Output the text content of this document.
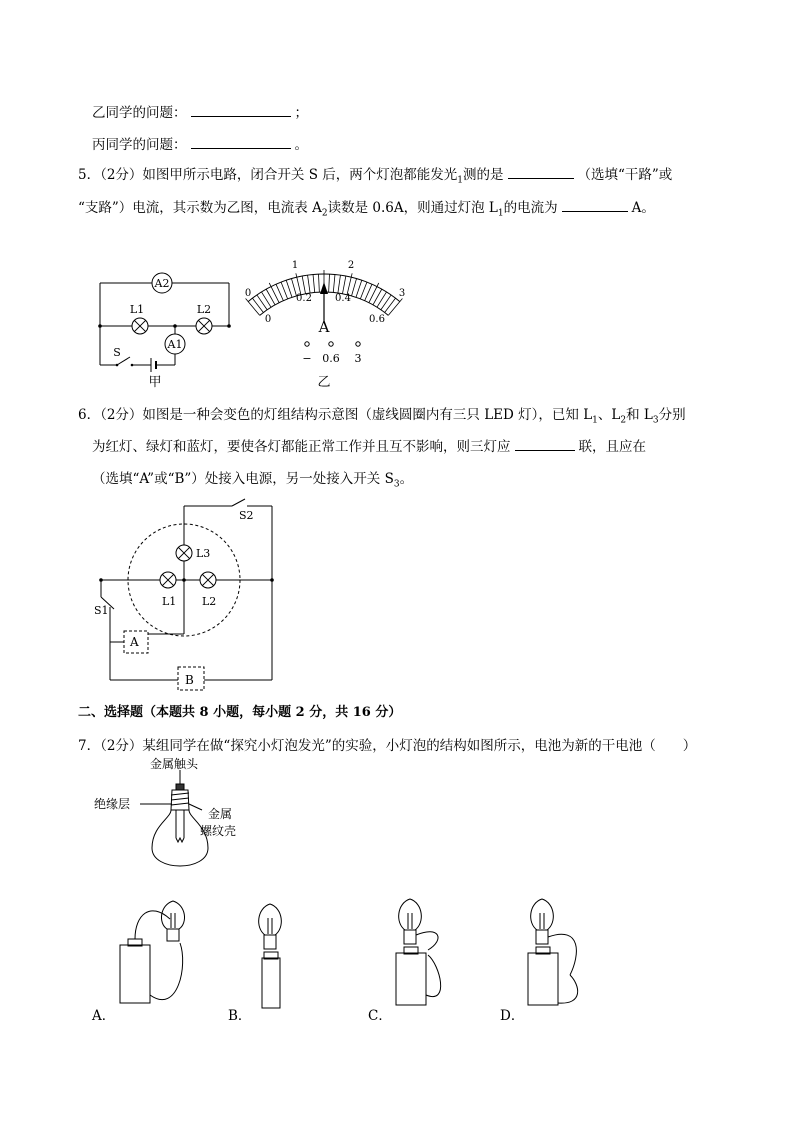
乙同学的问题：	；
丙同学的问题：	。
5．（2分）如图甲所示电路，闭合开关 S 后，两个灯泡都能发光$_1$测的是	（选填“干路”或
“支路”）电流，其示数为乙图，电流表 $A_2$读数是 0.6A，则通过灯泡 $L_1$的电流为	A。
A2
A1
L1	L2
S
甲
0
1	2
3
0
0.2 0.4
0.6
A
− 0.6 3
乙
6．（2分）如图是一种会变色的灯组结构示意图（虚线圆圈内有三只 LED 灯），已知 $L_1$、$L_2$和 $L_3$分别
为红灯、绿灯和蓝灯，要使各灯都能正常工作并且互不影响，则三灯应	联，且应在
（选填“A”或“B”）处接入电源，另一处接入开关 $S_3$。
S2
L3
L1 L2
S1
A
B
二、选择题（本题共 8 小题，每小题 2 分，共 16 分）
7．（2分）某组同学在做“探究小灯泡发光”的实验，小灯泡的结构如图所示，电池为新的干电池（　　）
金属触头
绝缘层
金属
螺纹壳
A．	B．	C．	D．
